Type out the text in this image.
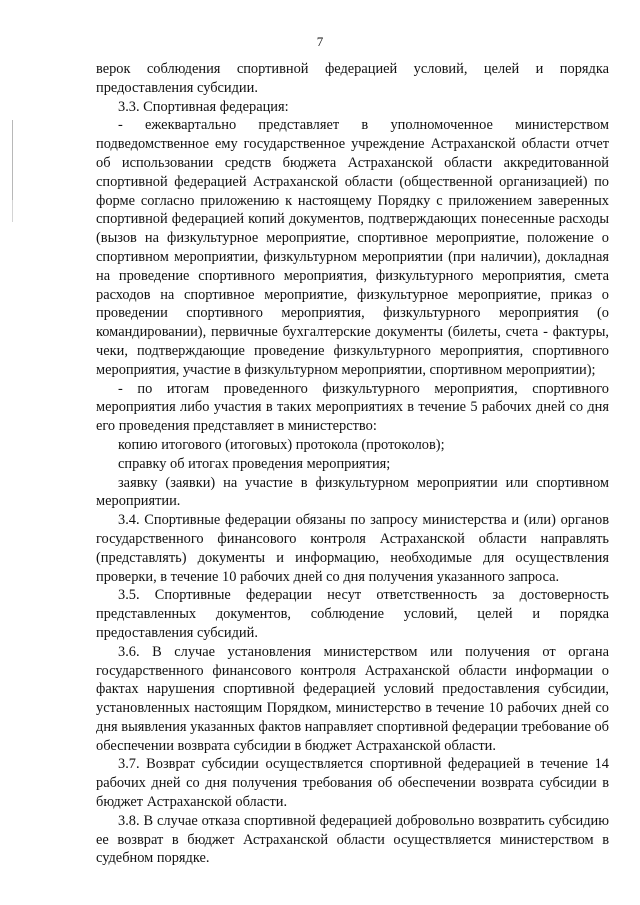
7

верок соблюдения спортивной федерацией условий, целей и порядка предоставления субсидии.

3.3. Спортивная федерация:

- ежеквартально представляет в уполномоченное министерством подведомственное ему государственное учреждение Астраханской области отчет об использовании средств бюджета Астраханской области аккредитованной спортивной федерацией Астраханской области (общественной организацией) по форме согласно приложению к настоящему Порядку с приложением заверенных спортивной федерацией копий документов, подтверждающих понесенные расходы (вызов на физкультурное мероприятие, спортивное мероприятие, положение о спортивном мероприятии, физкультурном мероприятии (при наличии), докладная на проведение спортивного мероприятия, физкультурного мероприятия, смета расходов на спортивное мероприятие, физкультурное мероприятие, приказ о проведении спортивного мероприятия, физкультурного мероприятия (о командировании), первичные бухгалтерские документы (билеты, счета - фактуры, чеки, подтверждающие проведение физкультурного мероприятия, спортивного мероприятия, участие в физкультурном мероприятии, спортивном мероприятии);

- по итогам проведенного физкультурного мероприятия, спортивного мероприятия либо участия в таких мероприятиях в течение 5 рабочих дней со дня его проведения представляет в министерство:

копию итогового (итоговых) протокола (протоколов);

справку об итогах проведения мероприятия;

заявку (заявки) на участие в физкультурном мероприятии или спортивном мероприятии.

3.4. Спортивные федерации обязаны по запросу министерства и (или) органов государственного финансового контроля Астраханской области направлять (представлять) документы и информацию, необходимые для осуществления проверки, в течение 10 рабочих дней со дня получения указанного запроса.

3.5. Спортивные федерации несут ответственность за достоверность представленных документов, соблюдение условий, целей и порядка предоставления субсидий.

3.6. В случае установления министерством или получения от органа государственного финансового контроля Астраханской области информации о фактах нарушения спортивной федерацией условий предоставления субсидии, установленных настоящим Порядком, министерство в течение 10 рабочих дней со дня выявления указанных фактов направляет спортивной федерации требование об обеспечении возврата субсидии в бюджет Астраханской области.

3.7. Возврат субсидии осуществляется спортивной федерацией в течение 14 рабочих дней со дня получения требования об обеспечении возврата субсидии в бюджет Астраханской области.

3.8. В случае отказа спортивной федерацией добровольно возвратить субсидию ее возврат в бюджет Астраханской области осуществляется министерством в судебном порядке.
